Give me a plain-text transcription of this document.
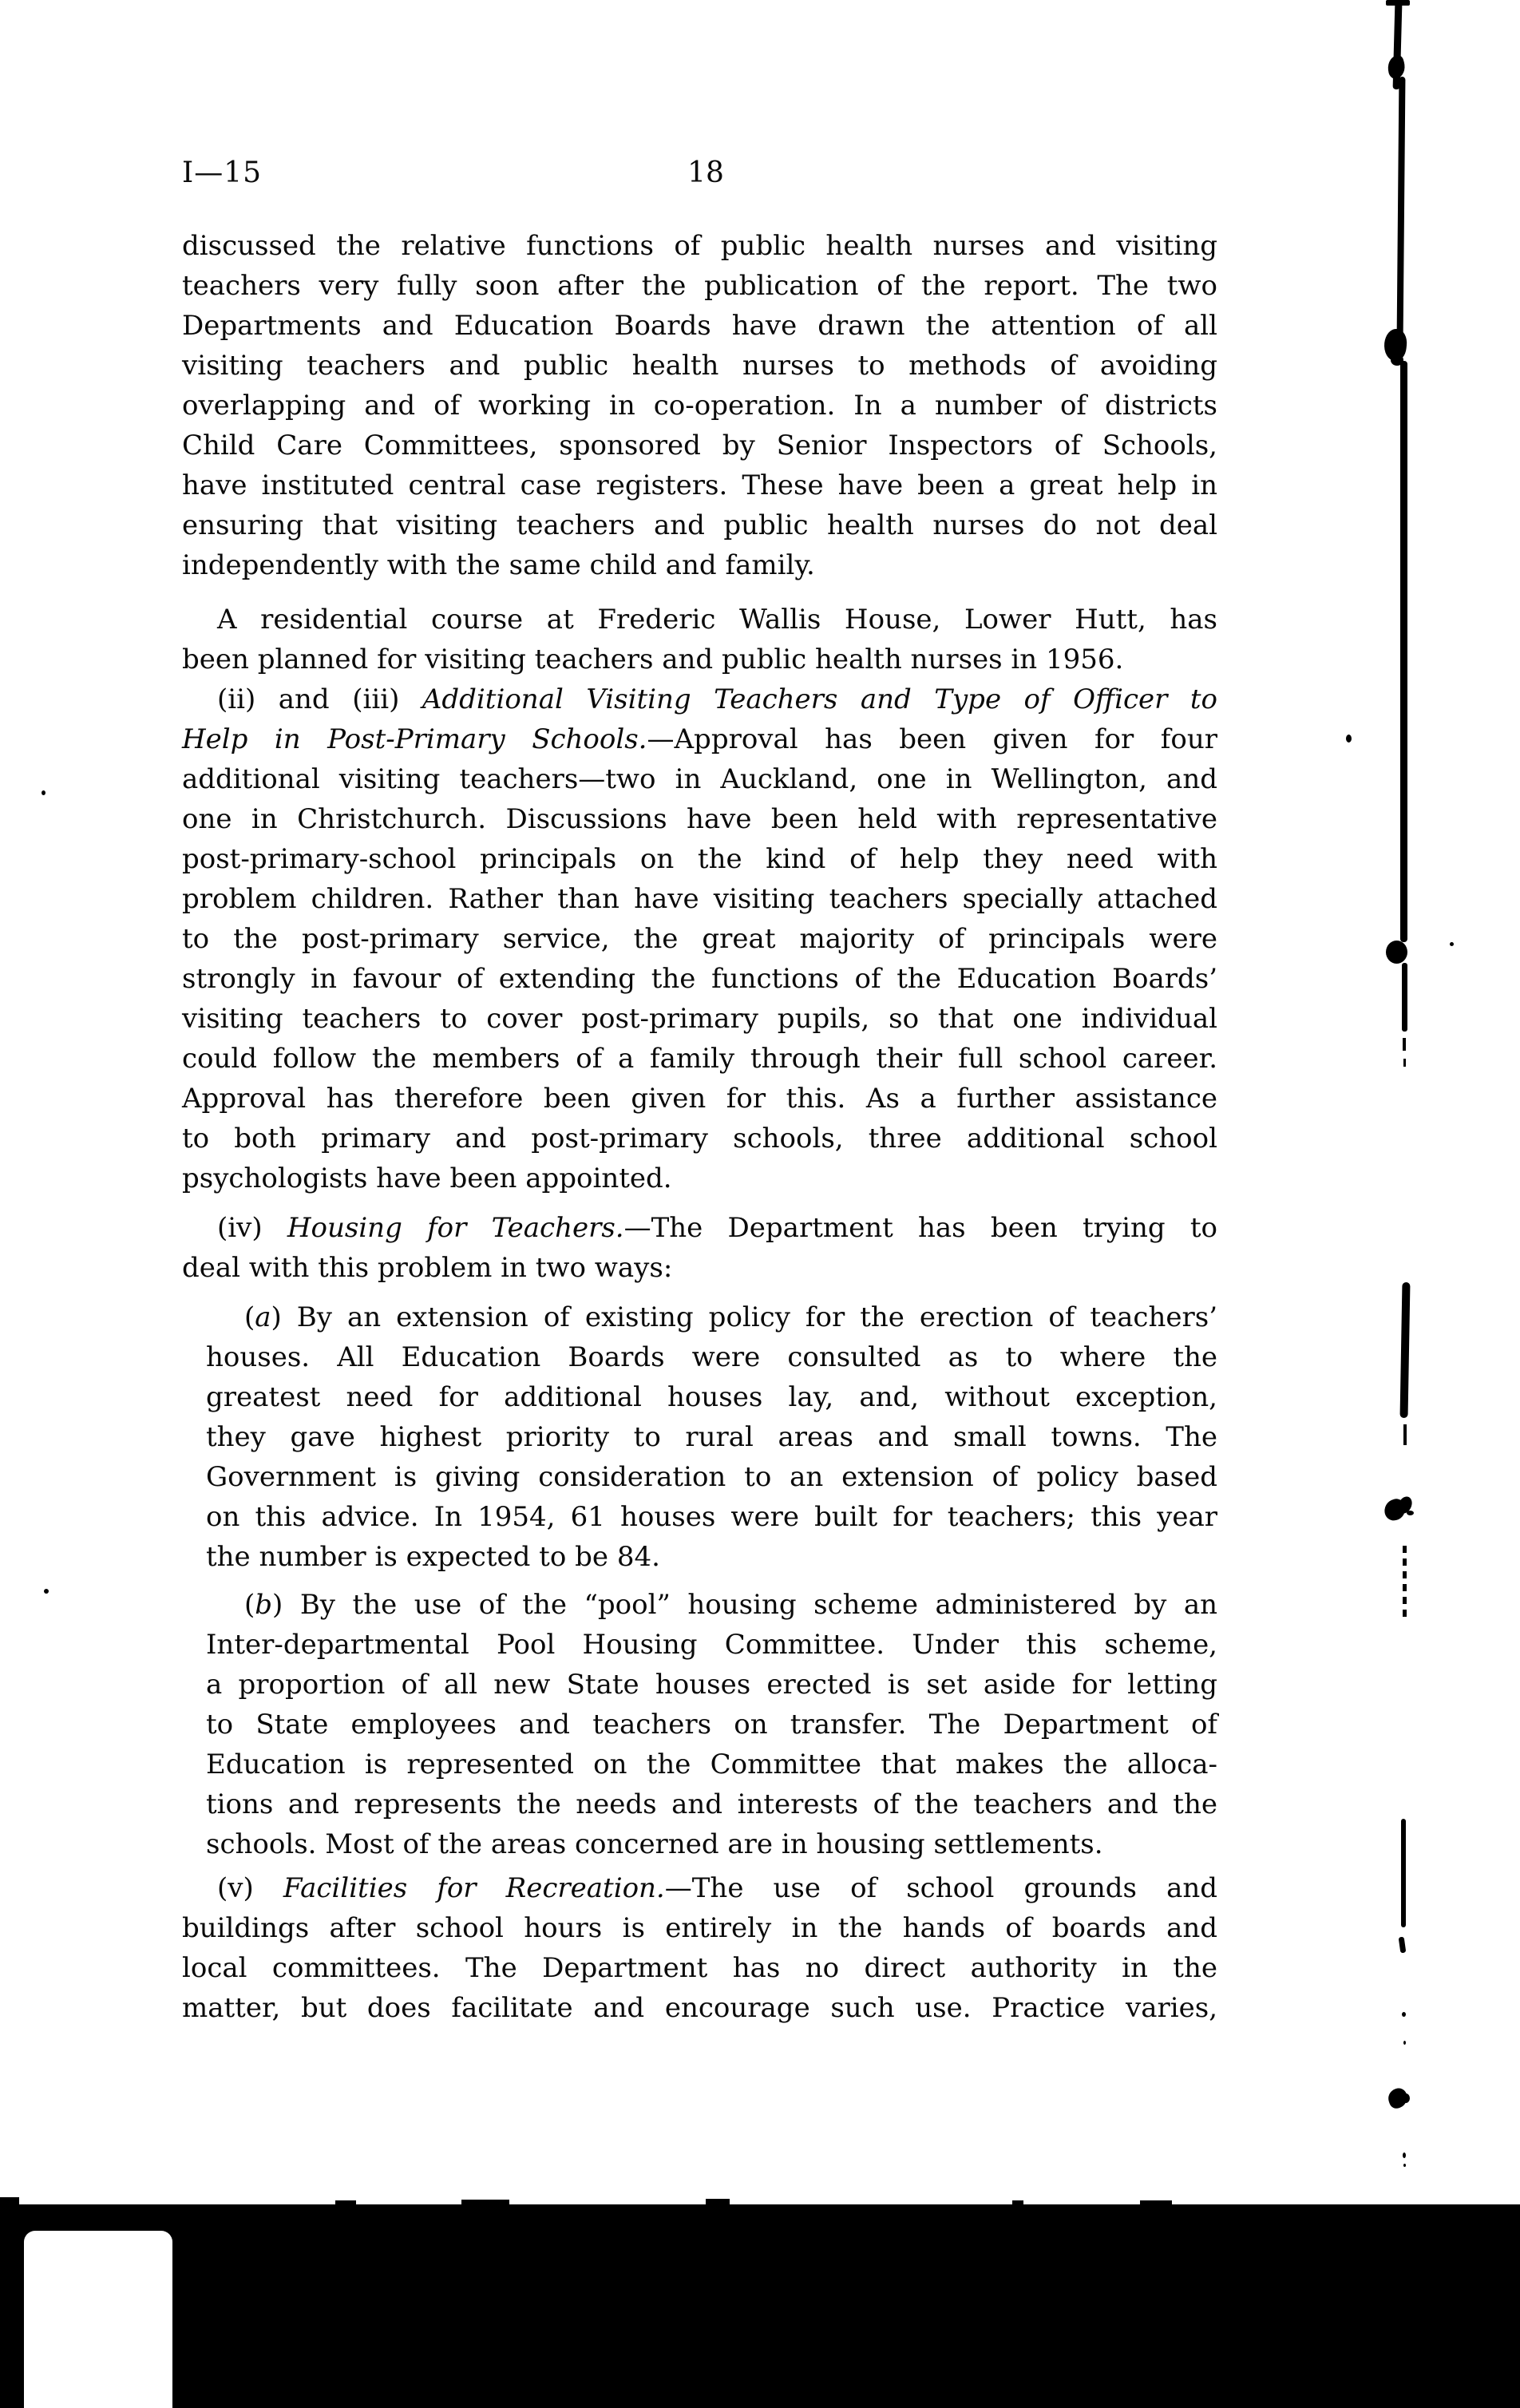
I—15	18
discussed the relative functions of public health nurses and visiting
teachers very fully soon after the publication of the report. The two
Departments and Education Boards have drawn the attention of all
visiting teachers and public health nurses to methods of avoiding
overlapping and of working in co-operation. In a number of districts
Child Care Committees, sponsored by Senior Inspectors of Schools,
have instituted central case registers. These have been a great help in
ensuring that visiting teachers and public health nurses do not deal
independently with the same child and family.
A residential course at Frederic Wallis House, Lower Hutt, has
been planned for visiting teachers and public health nurses in 1956.
(ii) and (iii) Additional Visiting Teachers and Type of Officer to
Help in Post-Primary Schools.—Approval has been given for four
additional visiting teachers—two in Auckland, one in Wellington, and
one in Christchurch. Discussions have been held with representative
post-primary-school principals on the kind of help they need with
problem children. Rather than have visiting teachers specially attached
to the post-primary service, the great majority of principals were
strongly in favour of extending the functions of the Education Boards’
visiting teachers to cover post-primary pupils, so that one individual
could follow the members of a family through their full school career.
Approval has therefore been given for this. As a further assistance
to both primary and post-primary schools, three additional school
psychologists have been appointed.
(iv) Housing for Teachers.—The Department has been trying to
deal with this problem in two ways:
(a) By an extension of existing policy for the erection of teachers’
houses. All Education Boards were consulted as to where the
greatest need for additional houses lay, and, without exception,
they gave highest priority to rural areas and small towns. The
Government is giving consideration to an extension of policy based
on this advice. In 1954, 61 houses were built for teachers; this year
the number is expected to be 84.
(b) By the use of the “pool” housing scheme administered by an
Inter-departmental Pool Housing Committee. Under this scheme,
a proportion of all new State houses erected is set aside for letting
to State employees and teachers on transfer. The Department of
Education is represented on the Committee that makes the alloca-
tions and represents the needs and interests of the teachers and the
schools. Most of the areas concerned are in housing settlements.
(v) Facilities for Recreation.—The use of school grounds and
buildings after school hours is entirely in the hands of boards and
local committees. The Department has no direct authority in the
matter, but does facilitate and encourage such use. Practice varies,
